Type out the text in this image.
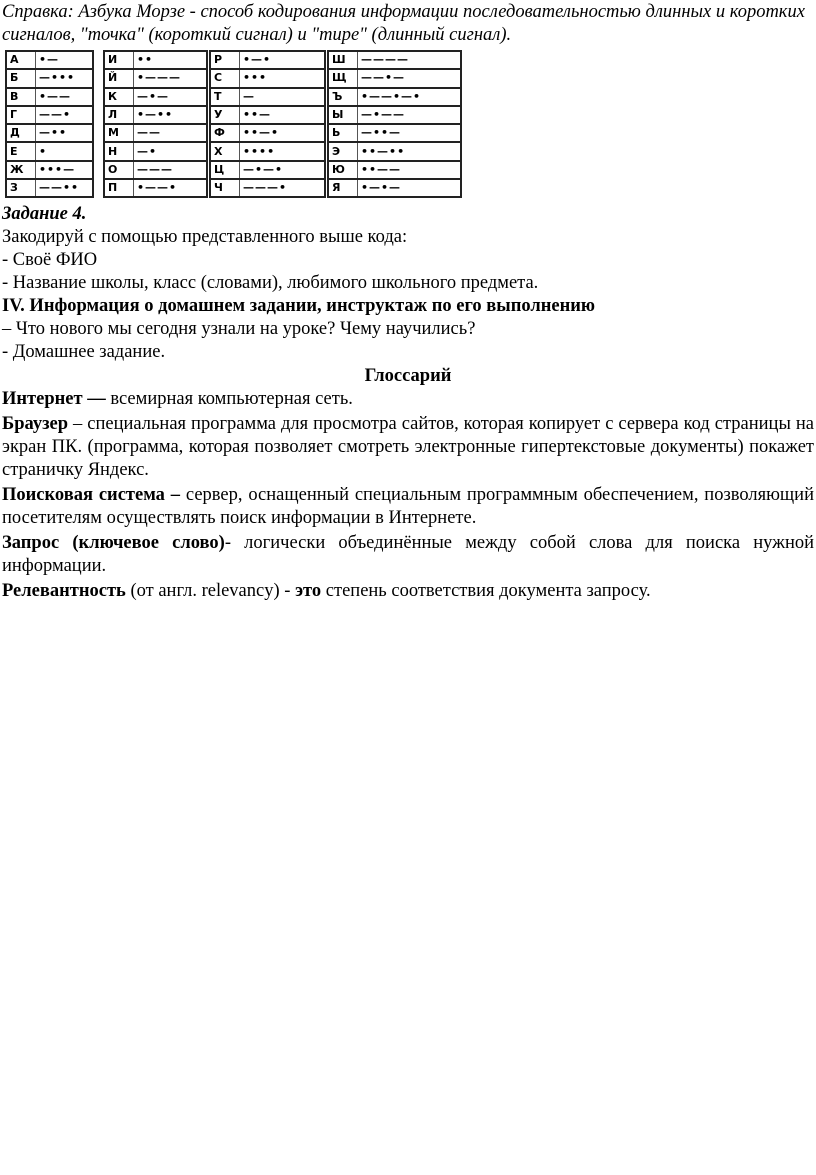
Справка: Азбука Морзе - способ кодирования информации последовательностью длинных и коротких сигналов, "точка" (короткий сигнал) и "тире" (длинный сигнал).

А	•—
Б	—•••
В	•——
Г	——•
Д	—••
Е	•
Ж	•••—
З	——••
И	••
Й	•———
К	—•—
Л	•—••
М	——
Н	—•
О	———
П	•——•
Р	•—•
С	•••
Т	—
У	••—
Ф	••—•
Х	••••
Ц	—•—•
Ч	———•
Ш	————
Щ	——•—
Ъ	•——•—•
Ы	—•——
Ь	—••—
Э	••—••
Ю	••——
Я	•—•—

Задание 4.

Закодируй с помощью представленного выше кода:

- Своё ФИО

- Название школы, класс (словами), любимого школьного предмета.

IV. Информация о домашнем задании, инструктаж по его выполнению

– Что нового мы сегодня узнали на уроке? Чему научились?

- Домашнее задание.

Глоссарий

Интернет — всемирная компьютерная сеть.

Браузер – специальная программа для просмотра сайтов, которая копирует с сервера код страницы на экран ПК. (программа, которая позволяет смотреть электронные гипертекстовые документы) покажет страничку Яндекс.

Поисковая система – сервер, оснащенный специальным программным обеспечением, позволяющий посетителям осуществлять поиск информации в Интернете.

Запрос (ключевое слово)- логически объединённые между собой слова для поиска нужной информации.

Релевантность (от англ. relevancy) - это степень соответствия документа запросу.
